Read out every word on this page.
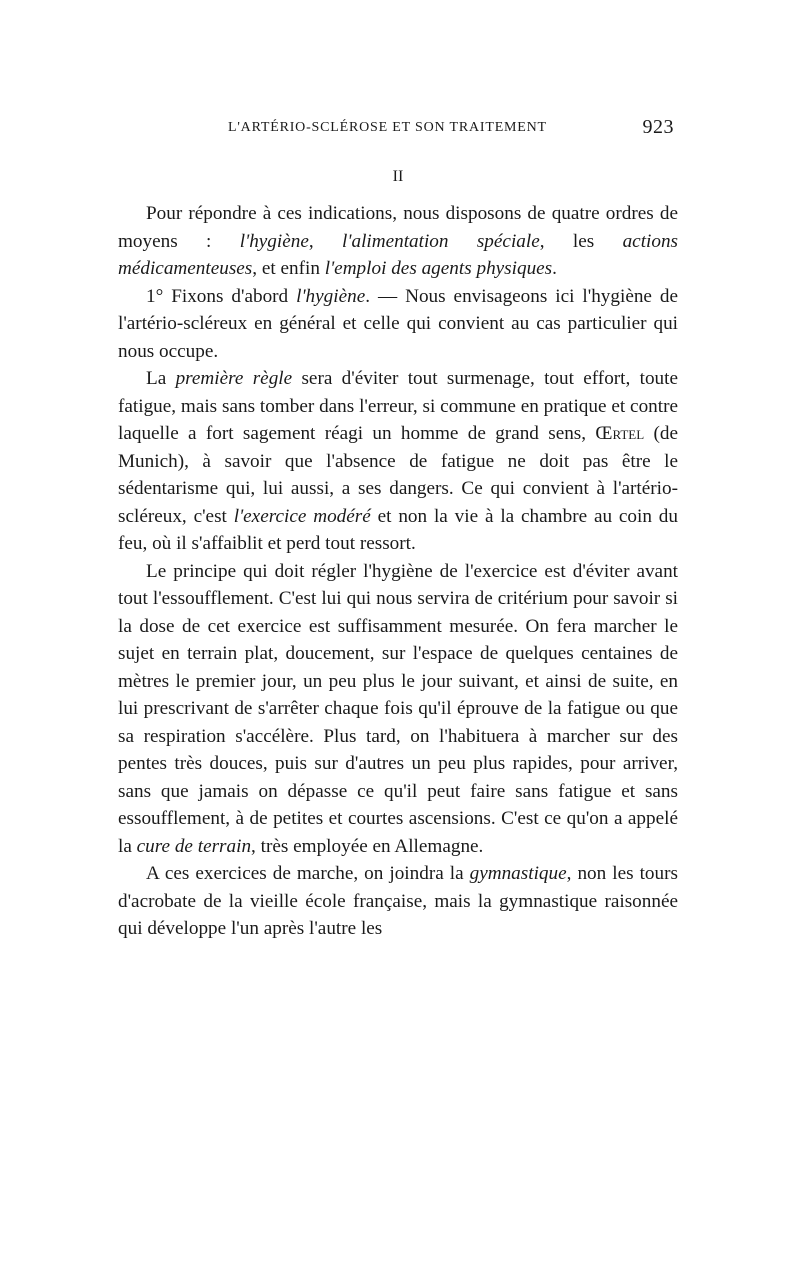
L'ARTÉRIO-SCLÉROSE ET SON TRAITEMENT	923
II

Pour répondre à ces indications, nous disposons de quatre ordres de moyens : l'hygiène, l'alimentation spéciale, les actions médicamenteuses, et enfin l'emploi des agents physiques.

1° Fixons d'abord l'hygiène. — Nous envisageons ici l'hygiène de l'artério-scléreux en général et celle qui convient au cas particulier qui nous occupe.

La première règle sera d'éviter tout surmenage, tout effort, toute fatigue, mais sans tomber dans l'erreur, si commune en pratique et contre laquelle a fort sagement réagi un homme de grand sens, Œrtel (de Munich), à savoir que l'absence de fatigue ne doit pas être le sédentarisme qui, lui aussi, a ses dangers. Ce qui convient à l'artério-scléreux, c'est l'exercice modéré et non la vie à la chambre au coin du feu, où il s'affaiblit et perd tout ressort.

Le principe qui doit régler l'hygiène de l'exercice est d'éviter avant tout l'essoufflement. C'est lui qui nous servira de critérium pour savoir si la dose de cet exercice est suffisamment mesurée. On fera marcher le sujet en terrain plat, doucement, sur l'espace de quelques centaines de mètres le premier jour, un peu plus le jour suivant, et ainsi de suite, en lui prescrivant de s'arrêter chaque fois qu'il éprouve de la fatigue ou que sa respiration s'accélère. Plus tard, on l'habituera à marcher sur des pentes très douces, puis sur d'autres un peu plus rapides, pour arriver, sans que jamais on dépasse ce qu'il peut faire sans fatigue et sans essoufflement, à de petites et courtes ascensions. C'est ce qu'on a appelé la cure de terrain, très employée en Allemagne.

A ces exercices de marche, on joindra la gymnastique, non les tours d'acrobate de la vieille école française, mais la gymnastique raisonnée qui développe l'un après l'autre les
